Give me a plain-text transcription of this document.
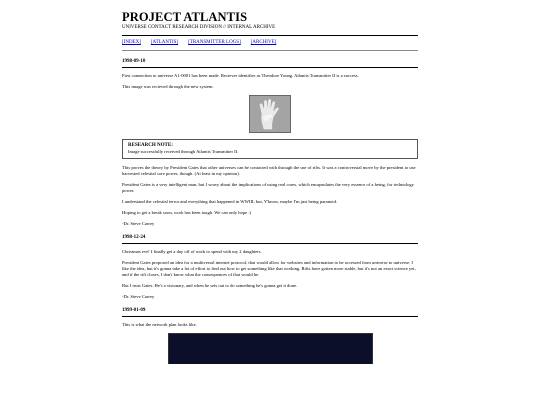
PROJECT ATLANTIS
UNIVERSE CONTACT RESEARCH DIVISION // INTERNAL ARCHIVE
[INDEX] [ATLANTIS] [TRANSMITTER LOGS] [ARCHIVE]
1998-09-10

First connection to universe A1-0001 has been made. Reciever identifies as Theodore Young. Atlantis Transmitter II is a success.

This image was recieved through the new system.

RESEARCH NOTE:
Image successfully received through Atlantis Transmitter II.

This proves the theory by President Gates that other universes can be contacted with through the use of rifts. It was a controversial move by the president to use harvested celestial core power, though. (At least in my opinion).

President Gates is a very intelligent man, but I worry about the implications of using real cores, which encapsulates the very essence of a being, for technology power.

I understand the celestial terror and everything that happened in WWIII, but, Y'know, maybe I'm just being paranoid.

Hoping to get a break soon, work has been tough. We can only hope :)

-Dr. Steve Carrey

1998-12-24

Christmas eve! I finally get a day off of work to spend with my 2 daughters.

President Gates proposed an idea for a multiversal internet protocol, that would allow for websites and information to be accessed from universe to universe. I like the idea, but it's gonna take a lot of effort to find out how to get something like that working. Rifts have gotten more stable, but it's not an exact science yet, and if the rift closes, I don't know what the consequences of that would be.

But I trust Gates. He's a visionary, and when he sets out to do something he's gonna get it done.

-Dr. Steve Carrey

1999-01-09

This is what the network plan looks like.
